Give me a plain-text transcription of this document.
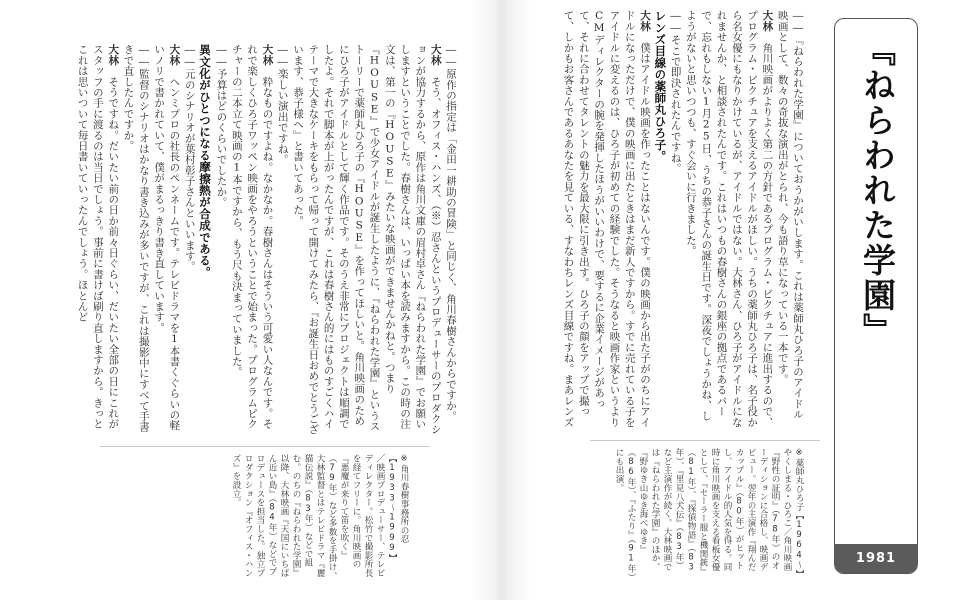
――『ねらわれた学園』についておうかがいします。これは薬師丸ひろ子のアイドル映画として、数々の奇抜な演出がとられ、今も語り草になっている一本です。

大林　角川映画がよりよく第二の方針であるプログラム・ピクチュアに進出するので、プログラム・ピクチュアを支えるアイドルがほしい。うちの薬師丸ひろ子は、名子役から名女優にもなりかけているが、アイドルではない。大林さん、ひろ子がアイドルになれませんか、と相談されたんです。これはいつもの春樹さんの銀座の拠点であるバーで、忘れもしない1月25日、うちの恭子さんの誕生日です。深夜でしょうかね、しようがないと思いつつも、すぐ会いに行きました。

――そこで即決されたんですね。

レンズ目線の薬師丸ひろ子。

大林　僕はアイドル映画を作ったことはないんです。僕の映画から出た子がのちにアイドルになっただけで、僕の映画に出たときはまだ新人ですから。すでに売れている子をアイドルに変えるのは、ひろ子が初めての経験でした。そうなると映画作家というよりCMディレクターの腕を発揮したほうがいいわけで、要するに企業イメージがあって、それに合わせてタレントの魅力を最大限に引き出す。ひろ子の顔をアップで撮って、しかもお客さんであるあなたを見ている、すなわちレンズ目線ですね。まあレンズ

※薬師丸ひろ子【1964〜】やくしまる・ひろこ／角川映画『野性の証明』（78年）のオーディションに合格し、映画デビュー。翌年の主演作『翔んだカップル』（80年）がヒットし、アイドル的人気を得る。同時に角川映画を支える看板女優として、『セーラー服と機関銃』（81年）、『探偵物語』（83年）、『里見八犬伝』（83年）など主演作が続く。大林映画では『ねらわれた学園』のほか、『野ゆき山ゆき海べゆき』（86年）、『ふたり』（91年）にも出演。

――原作の指定は「金田一耕助の冒険」と同じく、角川春樹さんからですか。

大林　そう、オフィス・ハンズ、（※）忍さんというプロデューサーのプロダクションが協力するから、原作は角川文庫の眉村卓さん『ねらわれた学園』でお願いしますということでした。春樹さんは、いっぱい本を読みますから。この時の注文は、第一の『HOUSE』みたいな映画ができませんかねと。つまり『HOUSE』で少女アイドルが誕生したように、『ねらわれた学園』というストーリーで薬師丸ひろ子の『HOUSE』を作ってほしいと。角川映画のためにひろ子がアイドルとして輝く作品です。そのうえ非常にプロジェクトは順調でしたよ。それで脚本が上がったんですが、これは春樹さん的にはものすごくハイテーマで大きなケーキをもらって帰って開けてみたら、『お誕生日おめでとうございます、恭子様へ』と書いてあった。

――楽しい演出ですね。

大林　粋なものですよね。なかなか。春樹さんはそういう可愛い人なんです。それで楽しくひろ子ワッペン映画をやろうということで始まった。プログラムピクチャーの二本立て映画の1本ですから、もう尺も決まっていました。

――予算はどのくらいでしたか。

異文化がひとつになる摩擦熱が合成である。

――元のシナリオが葉村彰子さんといいます。

大林　ヘンミプロの社長のペンネームです。テレビドラマを1本書くぐらいの軽いノリで書かれていて、僕がまるっきり書き直しています。

――監督のシナリオはかなり書き込みが多いですが、これは撮影中にすべて手書きで直したんですか。

大林　そうですね。だいたい前の日か前々日ぐらい、だいたい全部の日にこれがスタッフの手に渡るのは当日でしょう。事前に書けば刷り直しますから。きっとこれは思いついて毎日書いていったんでしょう。ほとんど

※角川春樹事務所の忍【1933〜1999】 ／映画プロデューサー、テレビディレクター。松竹で撮影所長を経てフリーに。角川映画の『悪魔が来りて笛を吹く』（79年）など多数を手掛け、大林監督とはテレビドラマ『麗猫伝説』（83年）などで組む。のちの『ねらわれた学園』以降、大林映画『天国にいちばん近い島』（84年）などでプロデュースを担当した。独立プロダクション『オフィス・ハンズ』を設立。
『ねらわれた学園』
1981
